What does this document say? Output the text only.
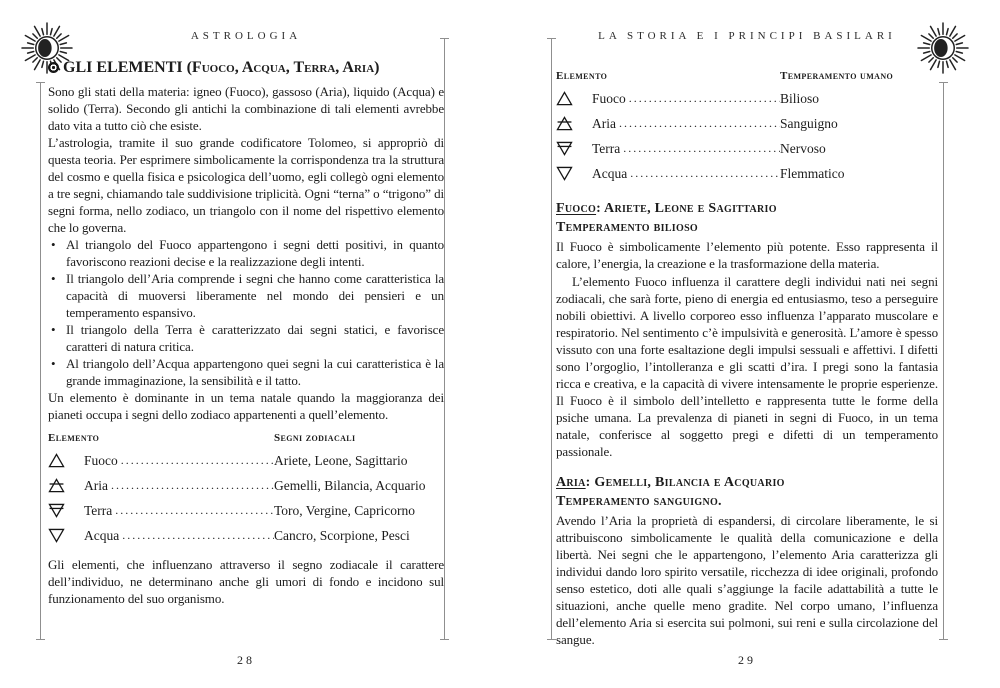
ASTROLOGIA	LA STORIA E I PRINCIPI BASILARI
GLI ELEMENTI (Fuoco, Acqua, Terra, Aria)

Sono gli stati della materia: igneo (Fuoco), gassoso (Aria), liquido (Acqua) e solido (Terra). Secondo gli antichi la combinazione di tali elementi avrebbe dato vita a tutto ciò che esiste.

L’astrologia, tramite il suo grande codificatore Tolomeo, si appropriò di questa teoria. Per esprimere simbolicamente la corrispondenza tra la struttura del cosmo e quella fisica e psicologica dell’uomo, egli collegò ogni elemento a tre segni, chiamando tale suddivisione triplicità. Ogni “terna” o “trigono” di segni forma, nello zodiaco, un triangolo con il nome del rispettivo elemento che lo governa.

• Al triangolo del Fuoco appartengono i segni detti positivi, in quanto favoriscono reazioni decise e la realizzazione degli intenti.

• Il triangolo dell’Aria comprende i segni che hanno come caratteristica la capacità di muoversi liberamente nel mondo dei pensieri e un temperamento espansivo.

• Il triangolo della Terra è caratterizzato dai segni statici, e favorisce caratteri di natura critica.

• Al triangolo dell’Acqua appartengono quei segni la cui caratteristica è la grande immaginazione, la sensibilità e il tatto.

Un elemento è dominante in un tema natale quando la maggioranza dei pianeti occupa i segni dello zodiaco appartenenti a quell’elemento.

Elemento	Segni zodiacali
Fuoco .....	Ariete, Leone, Sagittario
Aria .....	Gemelli, Bilancia, Acquario
Terra .....	Toro, Vergine, Capricorno
Acqua .....	Cancro, Scorpione, Pesci

Gli elementi, che influenzano attraverso il segno zodiacale il carattere dell’individuo, ne determinano anche gli umori di fondo e incidono sul funzionamento del suo organismo.

Elemento	Temperamento umano
Fuoco .....	Bilioso
Aria .....	Sanguigno
Terra .....	Nervoso
Acqua .....	Flemmatico
Fuoco: Ariete, Leone e Sagittario
Temperamento bilioso

Il Fuoco è simbolicamente l’elemento più potente. Esso rappresenta il calore, l’energia, la creazione e la trasformazione della materia.

L’elemento Fuoco influenza il carattere degli individui nati nei segni zodiacali, che sarà forte, pieno di energia ed entusiasmo, teso a perseguire nobili obiettivi. A livello corporeo esso influenza l’apparato muscolare e respiratorio. Nel sentimento c’è impulsività e generosità. L’amore è spesso vissuto con una forte esaltazione degli impulsi sessuali e affettivi. I difetti sono l’orgoglio, l’intolleranza e gli scatti d’ira. I pregi sono la fantasia ricca e creativa, e la capacità di vivere intensamente le proprie esperienze. Il Fuoco è il simbolo dell’intelletto e rappresenta tutte le forme della psiche umana. La prevalenza di pianeti in segni di Fuoco, in un tema natale, conferisce al soggetto pregi e difetti di un temperamento passionale.

Aria: Gemelli, Bilancia e Acquario
Temperamento sanguigno.

Avendo l’Aria la proprietà di espandersi, di circolare liberamente, le si attribuiscono simbolicamente le qualità della comunicazione e della libertà. Nei segni che le appartengono, l’elemento Aria caratterizza gli individui dando loro spirito versatile, ricchezza di idee originali, profondo senso estetico, doti alle quali s’aggiunge la facile adattabilità a tutte le situazioni, anche quelle meno gradite. Nel corpo umano, l’influenza dell’elemento Aria si esercita sui polmoni, sui reni e sulla circolazione del sangue.

28	29
